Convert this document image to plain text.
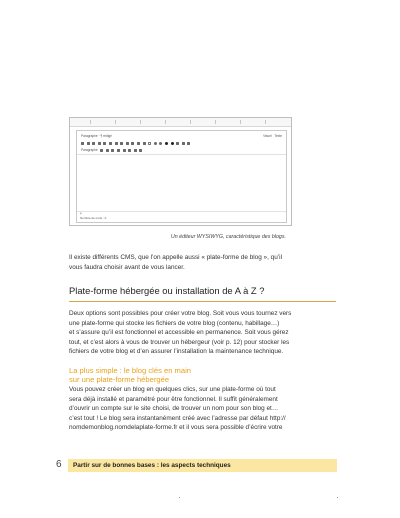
Paragraphe · ¶ rédigé	Visuel Texte
Paragraphe
p
Nombre de mots : 0
Un éditeur WYSIWYG, caractéristique des blogs.

Il existe différents CMS, que l’on appelle aussi « plate-forme de blog », qu’il
vous faudra choisir avant de vous lancer.

Plate-forme hébergée ou installation de A à Z ?

Deux options sont possibles pour créer votre blog. Soit vous vous tournez vers
une plate-forme qui stocke les fichiers de votre blog (contenu, habillage…)
et s’assure qu’il est fonctionnel et accessible en permanence. Soit vous gérez
tout, et c’est alors à vous de trouver un hébergeur (voir p. 12) pour stocker les
fichiers de votre blog et d’en assurer l’installation la maintenance technique.

La plus simple : le blog clés en main
sur une plate-forme hébergée

Vous pouvez créer un blog en quelques clics, sur une plate-forme où tout
sera déjà installé et paramétré pour être fonctionnel. Il suffit généralement
d’ouvrir un compte sur le site choisi, de trouver un nom pour son blog et…
c’est tout ! Le blog sera instantanément créé avec l’adresse par défaut http://
nomdemonblog.nomdelaplate-forme.fr et il vous sera possible d’écrire votre

6 Partir sur de bonnes bases : les aspects techniques
